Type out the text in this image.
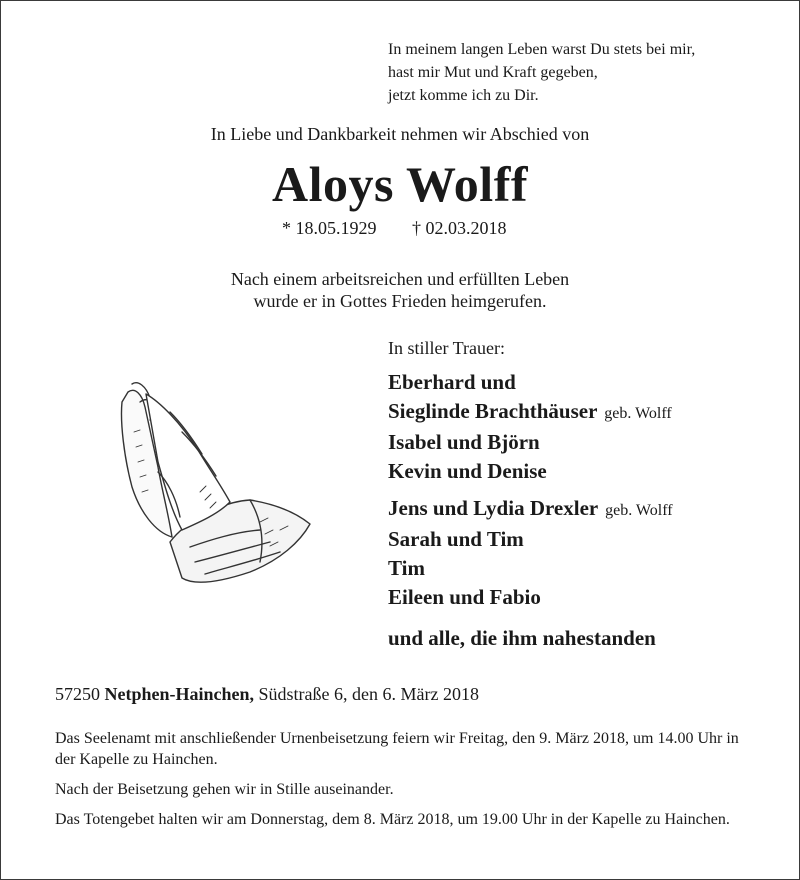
In meinem langen Leben warst Du stets bei mir,
hast mir Mut und Kraft gegeben,
jetzt komme ich zu Dir.
In Liebe und Dankbarkeit nehmen wir Abschied von
Aloys Wolff
* 18.05.1929 † 02.03.2018
Nach einem arbeitsreichen und erfüllten Leben
wurde er in Gottes Frieden heimgerufen.
In stiller Trauer:
Eberhard und
Sieglinde Brachthäuser geb. Wolff
Isabel und Björn
Kevin und Denise
Jens und Lydia Drexler geb. Wolff
Sarah und Tim
Tim
Eileen und Fabio
und alle, die ihm nahestanden
57250 Netphen-Hainchen, Südstraße 6, den 6. März 2018

Das Seelenamt mit anschließender Urnenbeisetzung feiern wir Freitag, den 9. März 2018, um 14.00 Uhr in der Kapelle zu Hainchen.

Nach der Beisetzung gehen wir in Stille auseinander.

Das Totengebet halten wir am Donnerstag, dem 8. März 2018, um 19.00 Uhr in der Kapelle zu Hainchen.
